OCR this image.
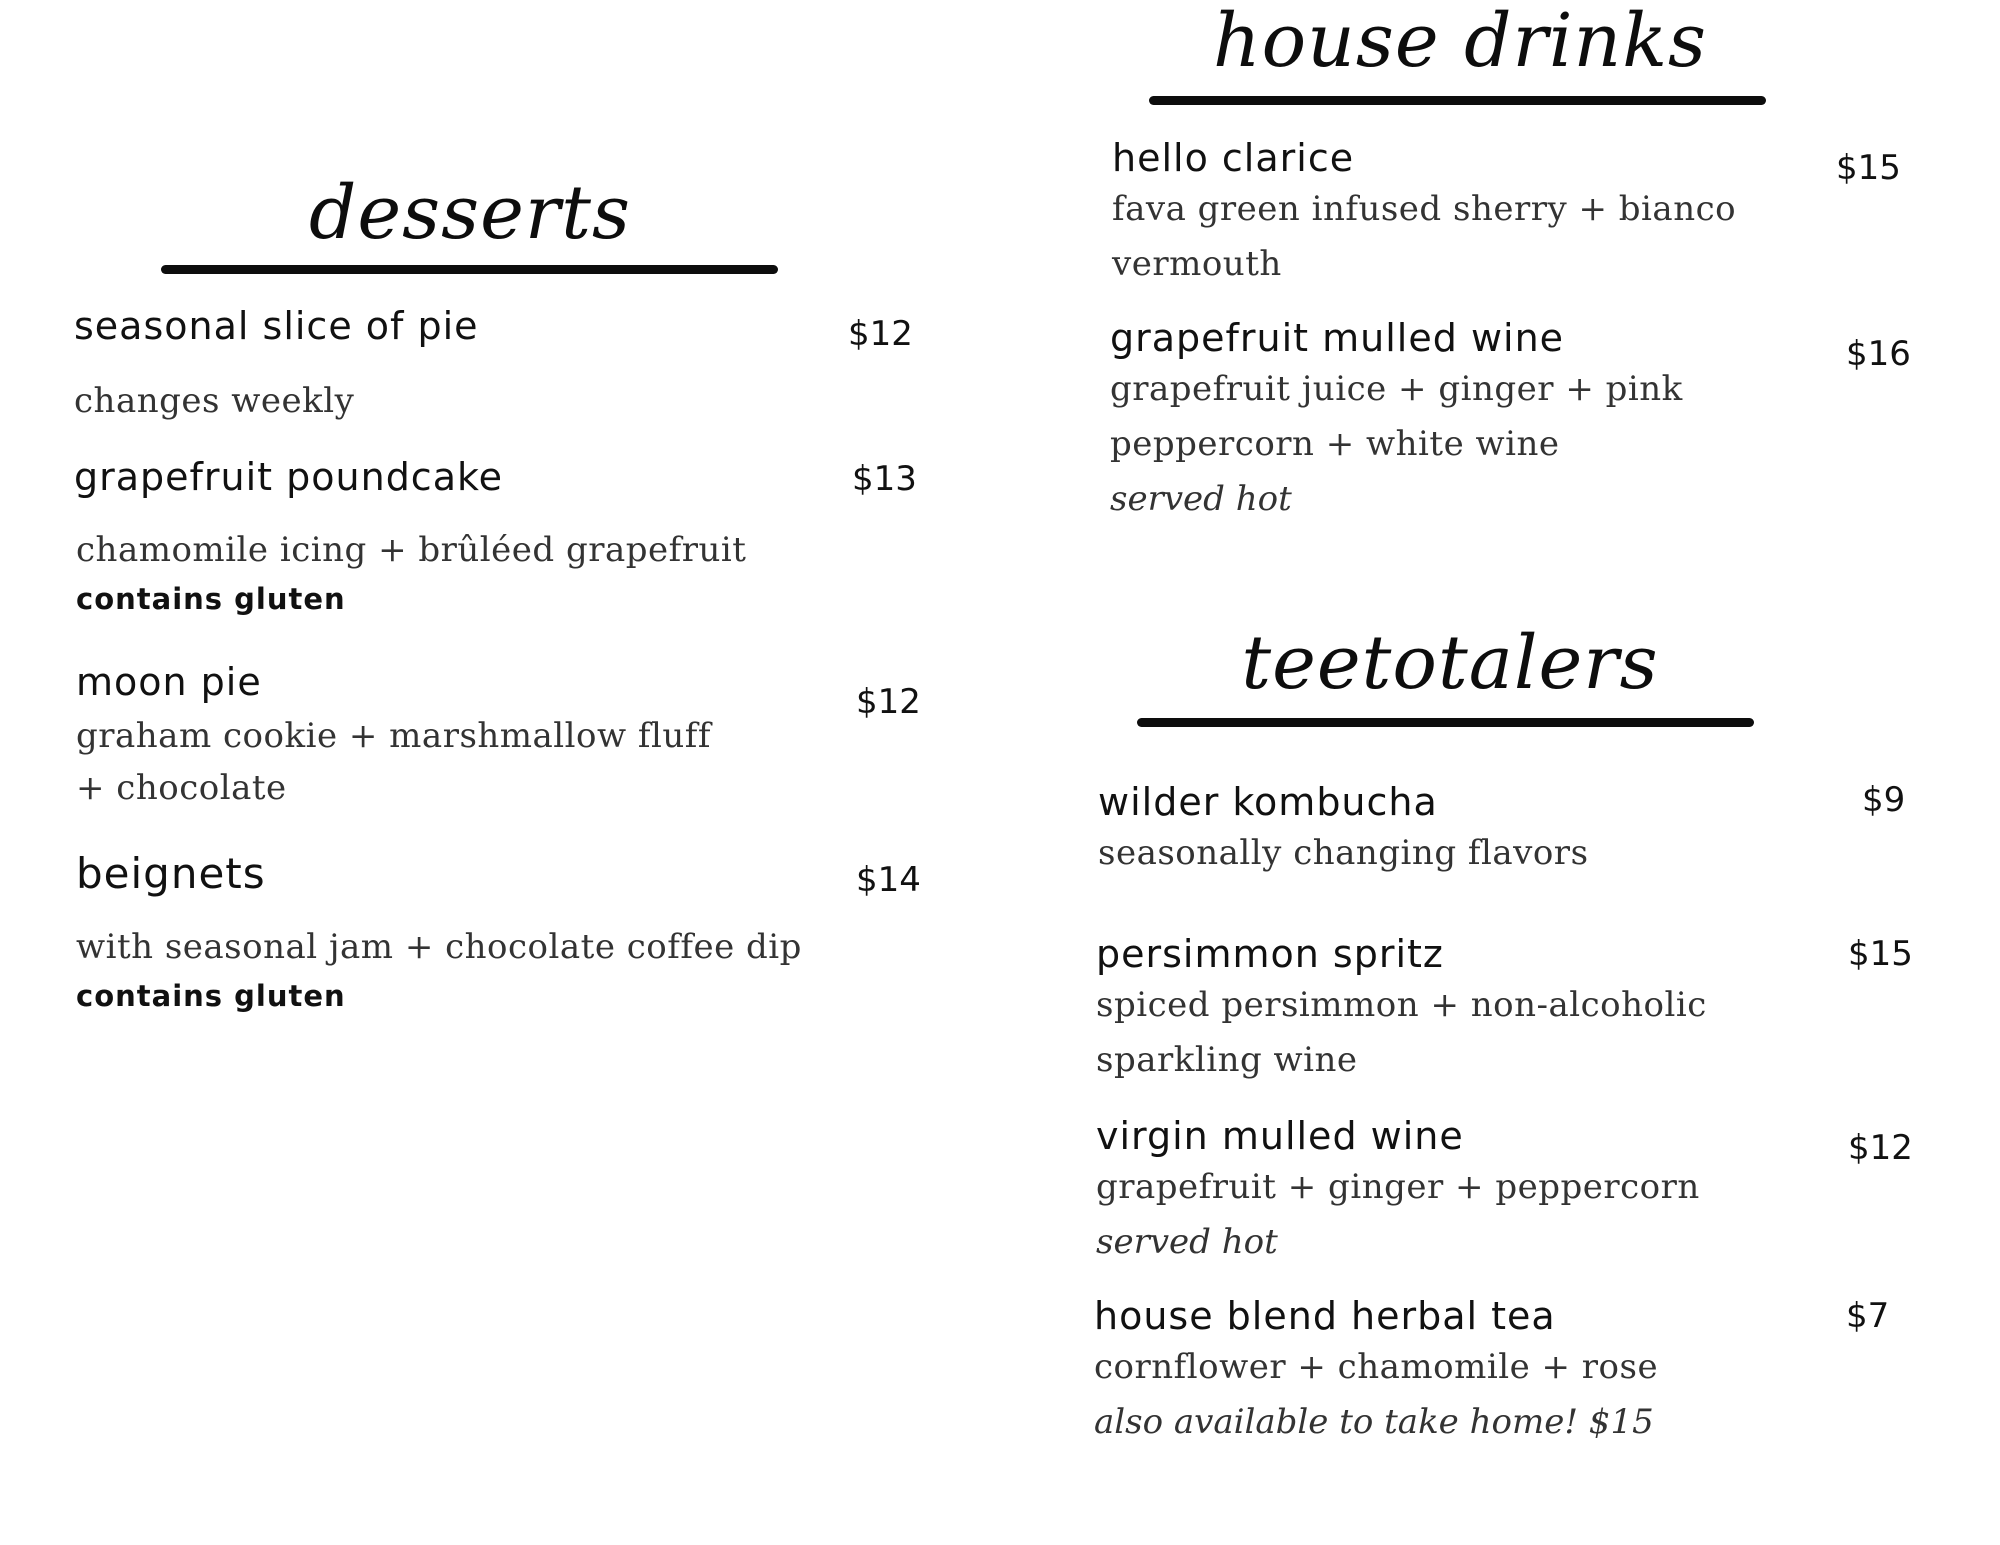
desserts
seasonal slice of pie	$12
changes weekly
grapefruit poundcake	$13
chamomile icing + brûléed grapefruit
contains gluten
moon pie	$12
graham cookie + marshmallow fluff + chocolate
beignets	$14
with seasonal jam + chocolate coffee dip
contains gluten
house drinks
hello clarice	$15
fava green infused sherry + bianco vermouth
grapefruit mulled wine	$16
grapefruit juice + ginger + pink peppercorn + white wine
served hot
teetotalers
wilder kombucha	$9
seasonally changing flavors
persimmon spritz	$15
spiced persimmon + non-alcoholic sparkling wine
virgin mulled wine	$12
grapefruit + ginger + peppercorn
served hot
house blend herbal tea	$7
cornflower + chamomile + rose
also available to take home! $15
